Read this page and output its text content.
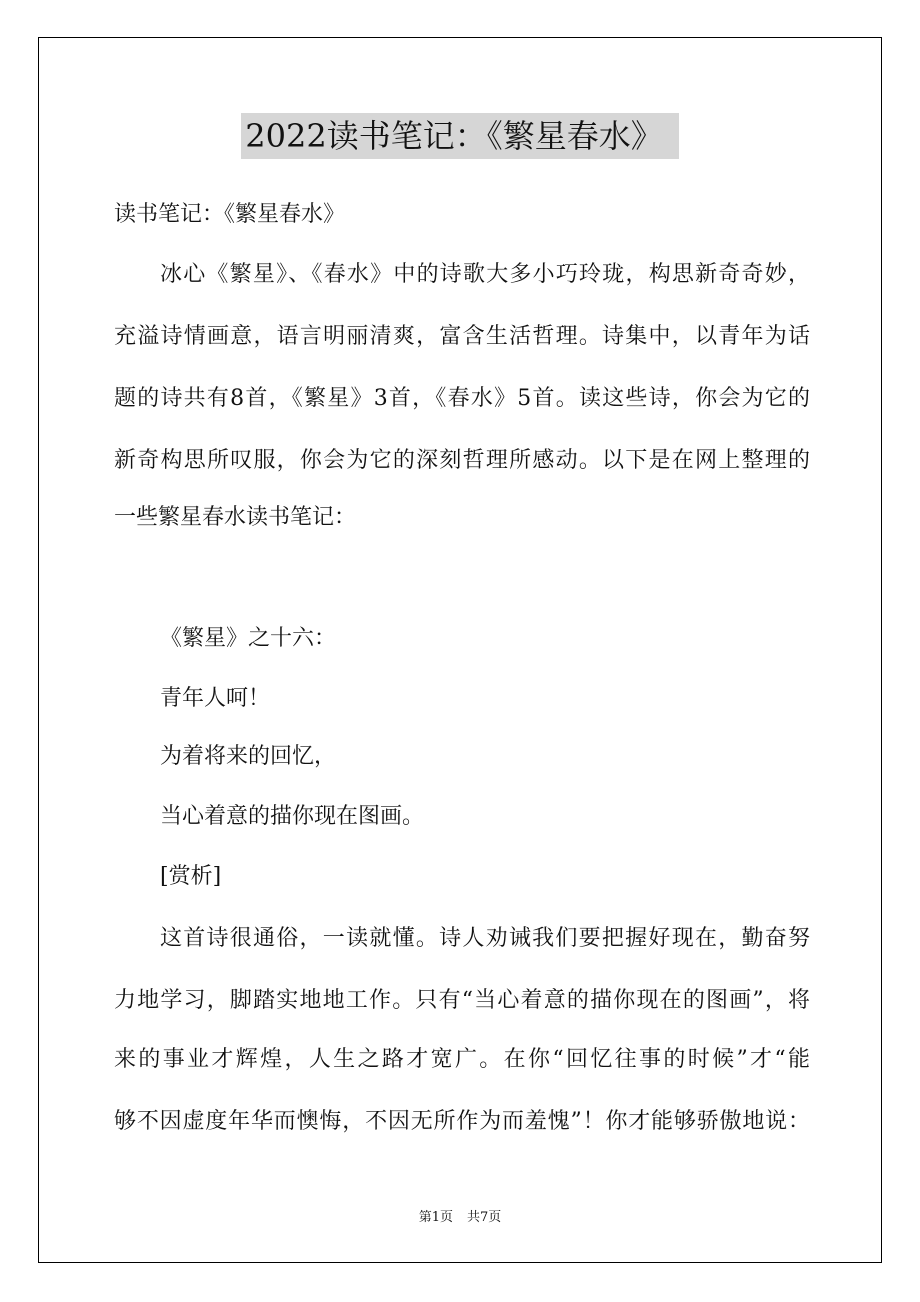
2022读书笔记：《繁星春水》
读书笔记：《繁星春水》
冰心《繁星》、《春水》中的诗歌大多小巧玲珑，构思新奇奇妙，
充溢诗情画意，语言明丽清爽，富含生活哲理。诗集中，以青年为话
题的诗共有8首，《繁星》3首，《春水》5首。读这些诗，你会为它的
新奇构思所叹服，你会为它的深刻哲理所感动。以下是在网上整理的
一些繁星春水读书笔记：
《繁星》之十六：
青年人呵！
为着将来的回忆，
当心着意的描你现在图画。
[赏析]
这首诗很通俗，一读就懂。诗人劝诫我们要把握好现在，勤奋努
力地学习，脚踏实地地工作。只有“当心着意的描你现在的图画”，将
来的事业才辉煌，人生之路才宽广。在你“回忆往事的时候”才“能
够不因虚度年华而懊悔，不因无所作为而羞愧”！你才能够骄傲地说：
第1页 共7页
